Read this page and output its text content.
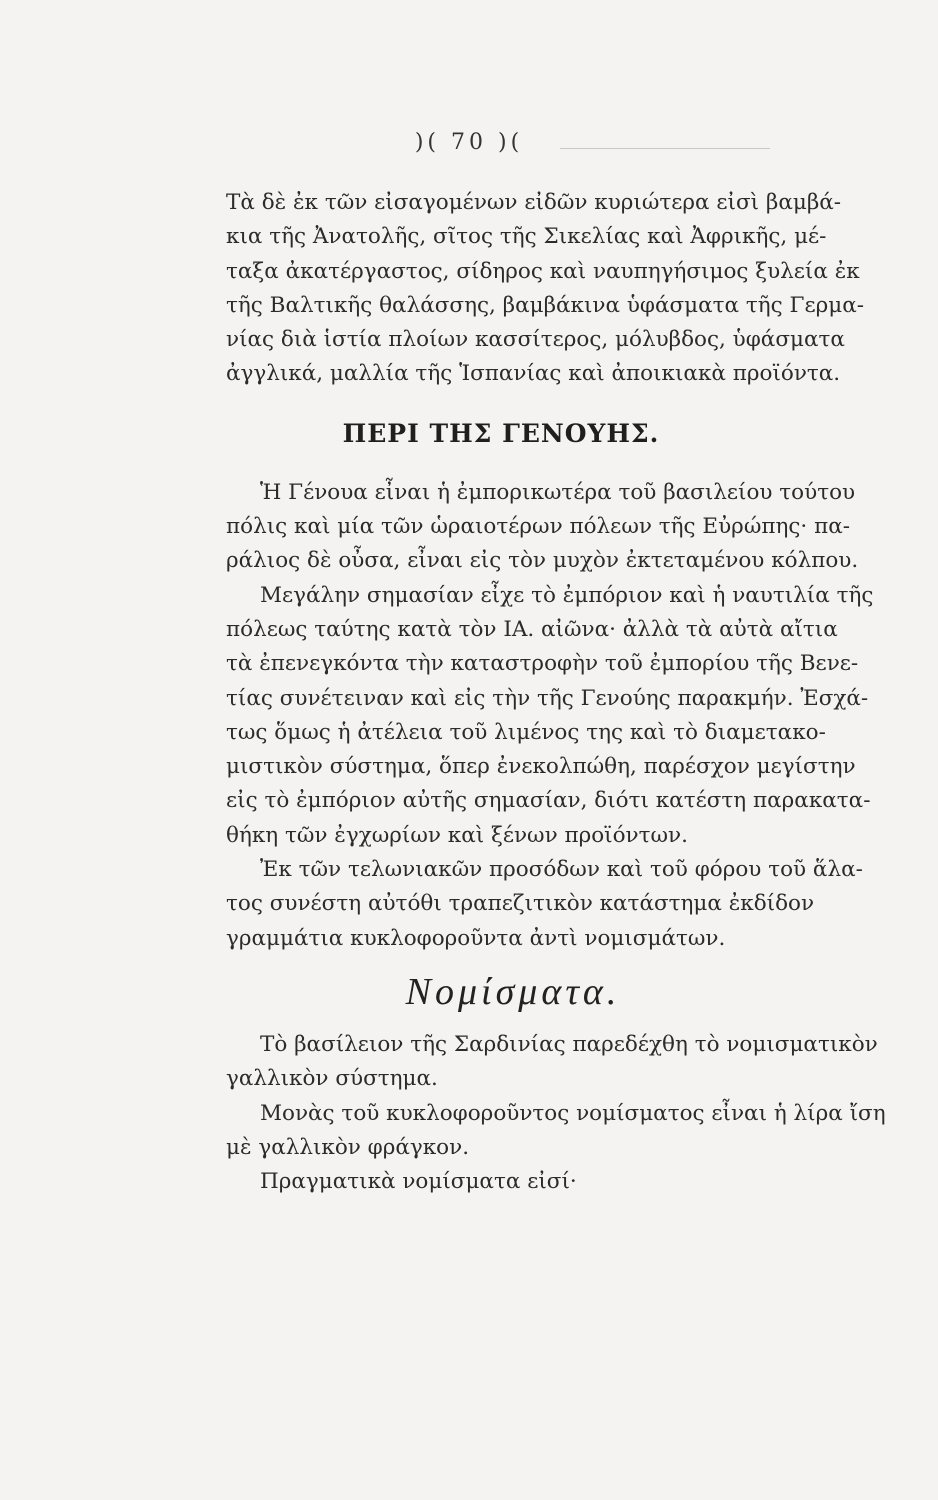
)( 70 )(
Τὰ δὲ ἐκ τῶν εἰσαγομένων εἰδῶν κυριώτερα εἰσὶ βαμβά-
κια τῆς Ἀνατολῆς, σῖτος τῆς Σικελίας καὶ Ἀφρικῆς, μέ-
ταξα ἀκατέργαστος, σίδηρος καὶ ναυπηγήσιμος ξυλεία ἐκ
τῆς Βαλτικῆς θαλάσσης, βαμβάκινα ὑφάσματα τῆς Γερμα-
νίας διὰ ἱστία πλοίων κασσίτερος, μόλυβδος, ὑφάσματα
ἀγγλικά, μαλλία τῆς Ἱσπανίας καὶ ἀποικιακὰ προϊόντα.
ΠΕΡΙ ΤΗΣ ΓΕΝΟΥΗΣ.
Ἡ Γένουα εἶναι ἡ ἐμπορικωτέρα τοῦ βασιλείου τούτου
πόλις καὶ μία τῶν ὡραιοτέρων πόλεων τῆς Εὐρώπης· πα-
ράλιος δὲ οὖσα, εἶναι εἰς τὸν μυχὸν ἐκτεταμένου κόλπου.
Μεγάλην σημασίαν εἶχε τὸ ἐμπόριον καὶ ἡ ναυτιλία τῆς
πόλεως ταύτης κατὰ τὸν ΙΑ. αἰῶνα· ἀλλὰ τὰ αὐτὰ αἴτια
τὰ ἐπενεγκόντα τὴν καταστροφὴν τοῦ ἐμπορίου τῆς Βενε-
τίας συνέτειναν καὶ εἰς τὴν τῆς Γενούης παρακμήν. Ἐσχά-
τως ὅμως ἡ ἀτέλεια τοῦ λιμένος της καὶ τὸ διαμετακο-
μιστικὸν σύστημα, ὅπερ ἐνεκολπώθη, παρέσχον μεγίστην
εἰς τὸ ἐμπόριον αὐτῆς σημασίαν, διότι κατέστη παρακατα-
θήκη τῶν ἐγχωρίων καὶ ξένων προϊόντων.
Ἐκ τῶν τελωνιακῶν προσόδων καὶ τοῦ φόρου τοῦ ἅλα-
τος συνέστη αὐτόθι τραπεζιτικὸν κατάστημα ἐκδίδον
γραμμάτια κυκλοφοροῦντα ἀντὶ νομισμάτων.
Νομίσματα.
Τὸ βασίλειον τῆς Σαρδινίας παρεδέχθη τὸ νομισματικὸν
γαλλικὸν σύστημα.
Μονὰς τοῦ κυκλοφοροῦντος νομίσματος εἶναι ἡ λίρα ἴση
μὲ γαλλικὸν φράγκον.
Πραγματικὰ νομίσματα εἰσί·
